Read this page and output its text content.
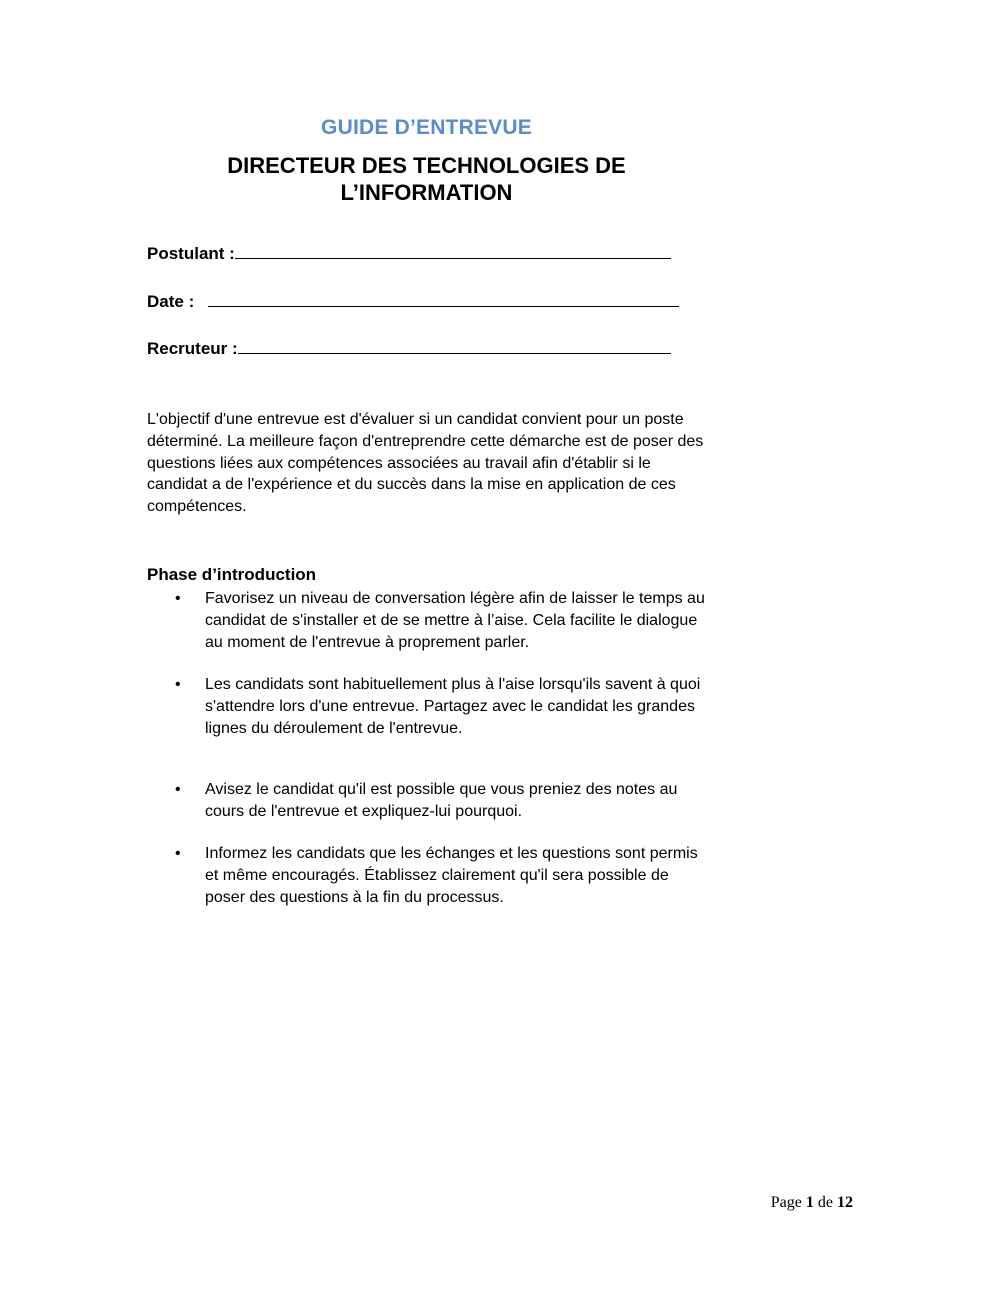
GUIDE D’ENTREVUE
DIRECTEUR DES TECHNOLOGIES DE
L’INFORMATION
Postulant :
Date :
Recruteur :
L'objectif d'une entrevue est d'évaluer si un candidat convient pour un poste déterminé. La meilleure façon d'entreprendre cette démarche est de poser des questions liées aux compétences associées au travail afin d'établir si le candidat a de l'expérience et du succès dans la mise en application de ces compétences.
Phase d’introduction
• Favorisez un niveau de conversation légère afin de laisser le temps au candidat de s'installer et de se mettre à l’aise. Cela facilite le dialogue au moment de l'entrevue à proprement parler.
• Les candidats sont habituellement plus à l'aise lorsqu'ils savent à quoi s'attendre lors d'une entrevue. Partagez avec le candidat les grandes lignes du déroulement de l'entrevue.
• Avisez le candidat qu'il est possible que vous preniez des notes au cours de l'entrevue et expliquez-lui pourquoi.
• Informez les candidats que les échanges et les questions sont permis et même encouragés. Établissez clairement qu'il sera possible de poser des questions à la fin du processus.
Page 1 de 12
